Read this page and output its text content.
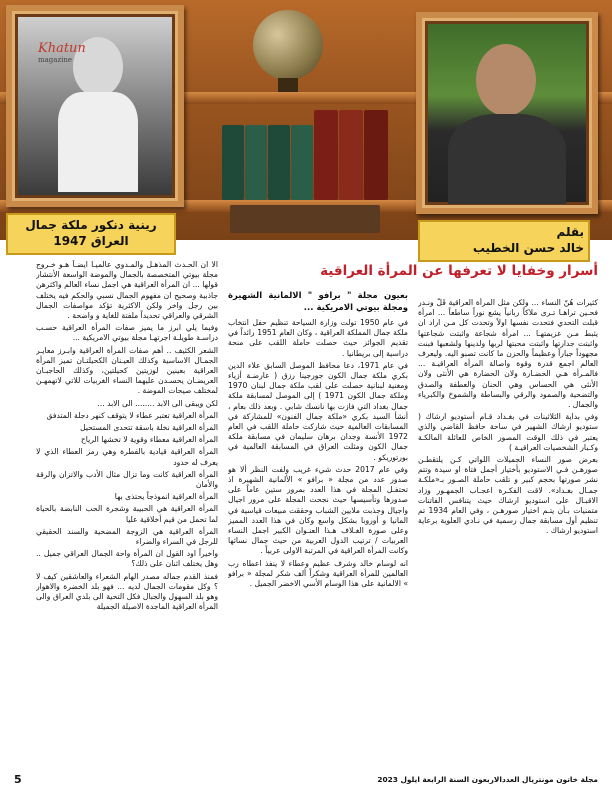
Khatun
magazine
رينية دنكور ملكة جمال
العراق 1947
بقلم
خالد حسن الخطيب
أسرار وخفايا لا تعرفها عن المرأة العراقية

كثيرات هُنّ النساء ... ولكن مثل المرأة العراقية قَلّ ونـدر فحـين تراهـا تـرى ملاكاً ربانياً يشع نوراً ساطعاً ... امرأة قبلت التحدي فتحدت نفسها اولاً وتحدت كل مـن اراد ان يثبط مـن عزيمتهـا ... امرأة شجاعة واثبتت شجاعتها واثبتت جدارتها واثبتت محبتها لربها ولدينها ولشعبها فبنت مجهوداً جباراً وعظيماً والحزن ما كانت تصبو اليه. وليعرف العالم اجمع قدرة وقوة واصالة المرأة العراقيـة ... فالمـرأة هـي الحضـارة ولان الحضارة هي الأنثى ولان الأنثى هي الحساس وهي الحنان والعطفة والصدق والتضحية والصمود والرقي والبساطة والشموخ والكبرياء والجمال .

وفي بداية الثلاثينات في بغـداد قـام أستوديو ارشاك ( ستوديو ارشاك الشهير في ساحة حافظ القاضي والذي يعتبر في ذلك الوقت المصور الخاص للعائلة المالكـة وكـبار الشخصيات العراقيـة )

بعرض صور النساء الجميلات اللواتي كـن يلتقطـن صورهـن فـي الاستوديو بأختيار أجمل فتاة او سيدة وتتم نشر صورتها بحجم كبير و تلقب حاملة الصـور بـ«ملكـة جمـال بغـداد». لاقت الفكـرة اعجـاب الجمهـور وزاد الاقبـال على استوديو ارشاك حيث يتنافس الفاتنات متمنيات بـأن يتـم اختيار صورهـن ، وفي العام 1934 تم تنظيم أول مسابقة جمال رسمية في نـادي العلوية برعاية استوديو ارشاك .

بعيون مجلة " برافو " الالمانية الشهيرة ومجلة بيوتي الامريكية ...

في عام 1950 تولت وزارة السياحة تنظيم حفل انتخاب ملكة جمال المملكة العراقية ، وكان العام 1951 رائداً في تقديم الجوائز حيث حصلت حاملة اللقب على منحة دراسية إلى بريطانيا .

في عام 1971، دعا محافظ الموصل السابق علاء الدين بكري ملكة جمال الكون جورجينا رزق ( عارضـة أزياء ومغنية لبنانية حصلت على لقب ملكة جمال لبنان 1970 وملكة جمال الكون 1971 ) إلى الموصل لمسابقة ملكة جمال بغداد التي فازت بها نانسك شابي . وبعد ذلك بعام ، أنشأ السيد بكري «ملكة جمال الفنون» للمشاركة في المسابقات العالمية حيث شاركت حاملة اللقب في العام 1972 الأنسة وجدان برهان سليمان في مسابقة ملكة جمال الكون ومثلت العراق في المسابقة العالمية في بورتوريكو .

وفي عام 2017 حدث شيء غريب ولفت النظر ألا هو صدور عدد من مجلة « برافو » الألمانية الشهيرة اذ تحتفـل المجلة في هذا العدد بمرور ستين عاماً على صدورها وتأسيسها حيث نجحت المجلة على مرور اجيال واجيال وجذبت ملايين الشباب وحققت مبيعات قياسية في المانيا و أوروبا بشكل واسع وكان في هذا العدد المميز وعلى صورة الغـلاف هـذا العنـوان الكبير اجمل النساء العربيات / ترتيب الدول العربية من حيث جمال نسائها وكانت المرأة العراقية في المرتبة الاولى عربياً .

انه لوسام خالد وشرف عظيم وعطاء لا ينفذ اعطاه رب العالمين للمرأة العراقية وشكراً ألف شكر لمجلة « برافو » الالمانية على هذا الوسام الأسي الاخضر الجميل .

الا ان الحـدث المذهـل والمـدوي عالميـا ايضـاً هـو خـروج مجلة بيوتي المتخصصة بالجمال والموضة الواسعة الأنتشار قولها ... ان المرأة العراقية هي اجمل نساء العالم واكثرهن جاذبية وصحيح ان مفهوم الجمال نسبي والحكم فيه يختلف بين رجل واخر ولكن الاكثرية تؤكد مواصفات الجمال الشرقي والعراقي تحديداً ملفتة للغاية و واضحة .

وفيما يلي ابرز ما يميز صفات المرأة العراقية حسـب دراسـة طويلـة اجرتهـا مجلة بيوتي الامريكية ...

الشعر الكثيف .. أهم صفات المرأة العراقية وابـرز معايـر الجمـال الاساسية وكذلك العيـنان الكحيلتـان تميز المرأة العراقية بعينين لوزيتين كحيلتين، وكذلك الحاجبـان العريضـان يحسـدن عليهما النساء الغربيات للاتي لاتهمهـن لمختلف صيحات الموضة .

لكن ويبقى الى الابد ........ الى الابد ...

المرأة العراقية تعتبر عطاء لا يتوقف كنهر دجلة المتدفق

المرأة العراقية نخلة باسقة تتحدى المستحيل

المرأة العراقية معطاء وقوية لا تخشها الرياح

المرأة العراقية قيادية بالفطرة وهي رمز العطاء الذي لا يعرف له حدود

المرأة العراقية كانت وما تزال مثال الأدب والاتزان والرقة والأمان

المرأة العراقية انموذجاً يحتذى بها

المرأة العراقية هي الحبيبة وشجرة الحب النابضة بالحياة لما تحمل من قيم أخلاقية عليا

المرأة العراقية هي الزوجة المضحية والسند الحقيقي للرجل في السراء والضراء

واخيراً اود القول ان المرأة واحة الجمال العراقي جميل .. وهل يختلف اثنان على ذلك؟

فمنذ القدم جماله مصدر الهام الشعراء والعاشقين كيف لا ؟ وكل مقومات الجمال لديه ... فهو بلد الخضرة والاهوار وهو بلد السهول والجبال فكل التحية الى بلدي العراق والى المرأة العراقية الماجدة الاصيلة الجميلة

مجلة خاتون مونتريال العددالاربعون السنة الرابعة ايلول 2023
5
